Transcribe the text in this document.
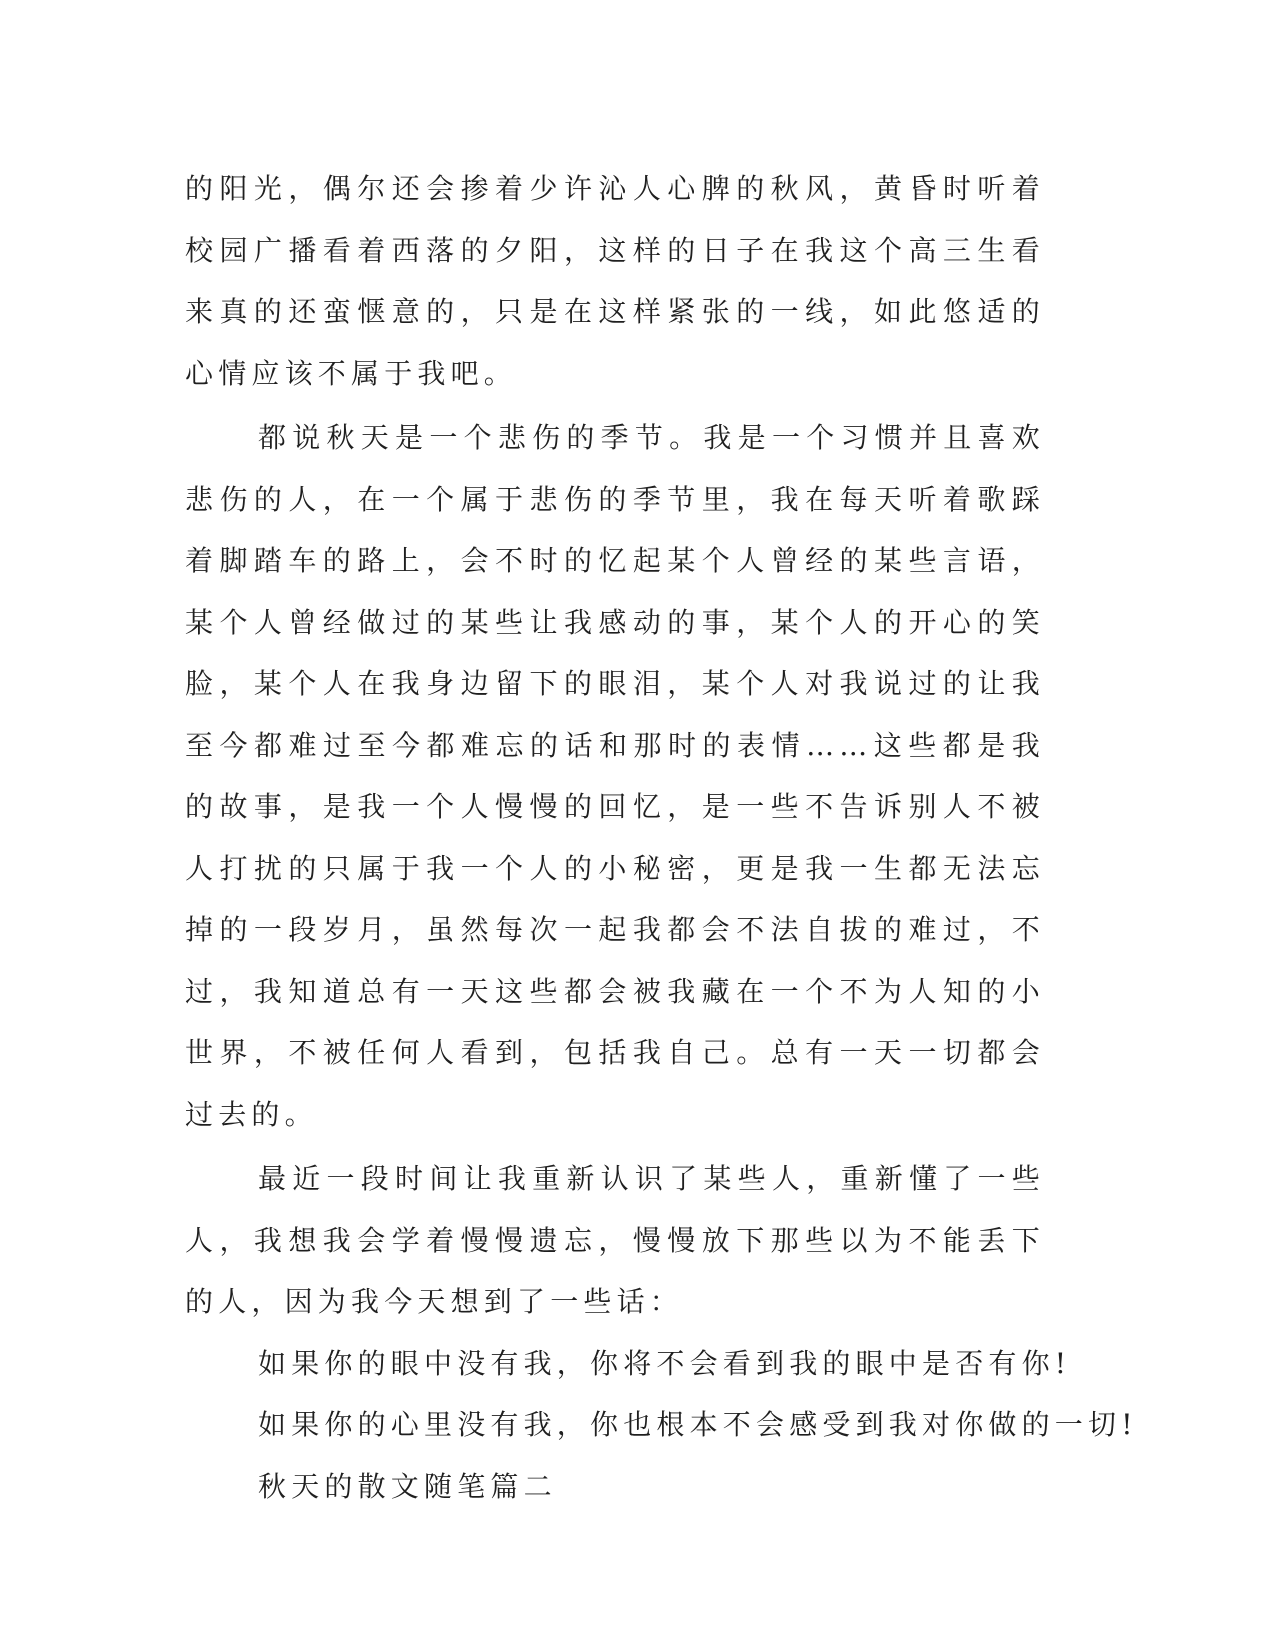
的阳光，偶尔还会掺着少许沁人心脾的秋风，黄昏时听着校园广播看着西落的夕阳，这样的日子在我这个高三生看来真的还蛮惬意的，只是在这样紧张的一线，如此悠适的心情应该不属于我吧。

都说秋天是一个悲伤的季节。我是一个习惯并且喜欢悲伤的人，在一个属于悲伤的季节里，我在每天听着歌踩着脚踏车的路上，会不时的忆起某个人曾经的某些言语，某个人曾经做过的某些让我感动的事，某个人的开心的笑脸，某个人在我身边留下的眼泪，某个人对我说过的让我至今都难过至今都难忘的话和那时的表情……这些都是我的故事，是我一个人慢慢的回忆，是一些不告诉别人不被人打扰的只属于我一个人的小秘密，更是我一生都无法忘掉的一段岁月，虽然每次一起我都会不法自拔的难过，不过，我知道总有一天这些都会被我藏在一个不为人知的小世界，不被任何人看到，包括我自己。总有一天一切都会过去的。

最近一段时间让我重新认识了某些人，重新懂了一些人，我想我会学着慢慢遗忘，慢慢放下那些以为不能丢下的人，因为我今天想到了一些话：

如果你的眼中没有我，你将不会看到我的眼中是否有你!

如果你的心里没有我，你也根本不会感受到我对你做的一切!

秋天的散文随笔篇二
